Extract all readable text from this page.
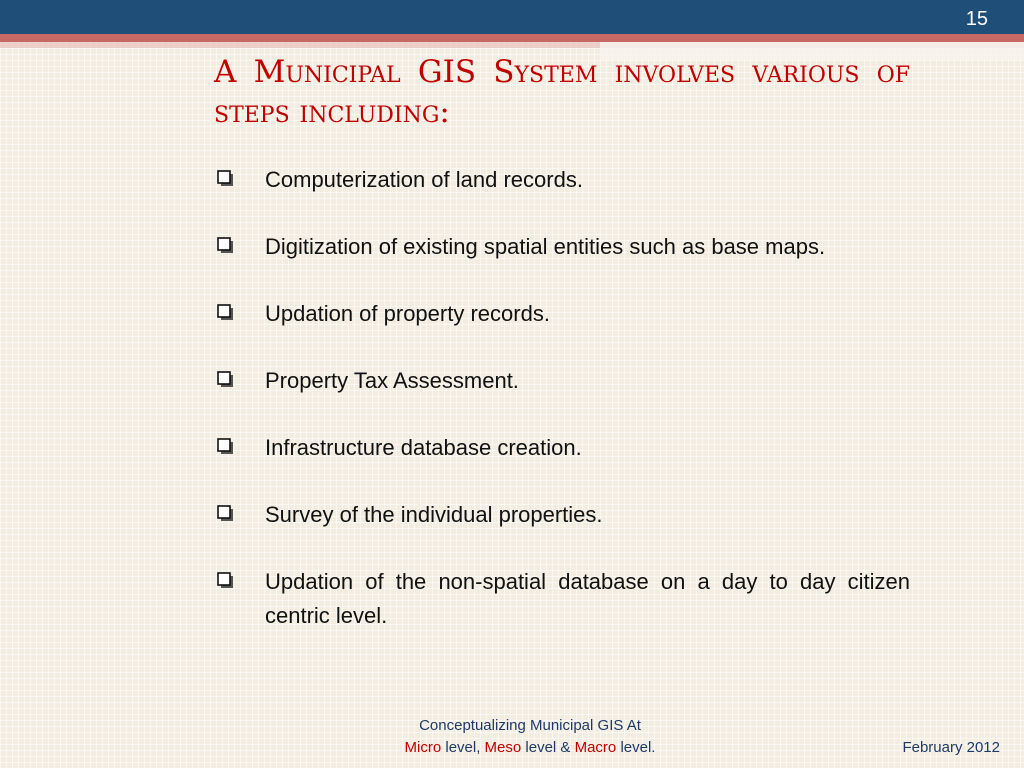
15
A Municipal GIS System involves various of steps including:
Computerization of land records.
Digitization of existing spatial entities such as base maps.
Updation of property records.
Property Tax Assessment.
Infrastructure database creation.
Survey of the individual properties.
Updation of the non-spatial database on a day to day citizen centric level.
Conceptualizing Municipal GIS At
Micro level, Meso level & Macro level.	February 2012
